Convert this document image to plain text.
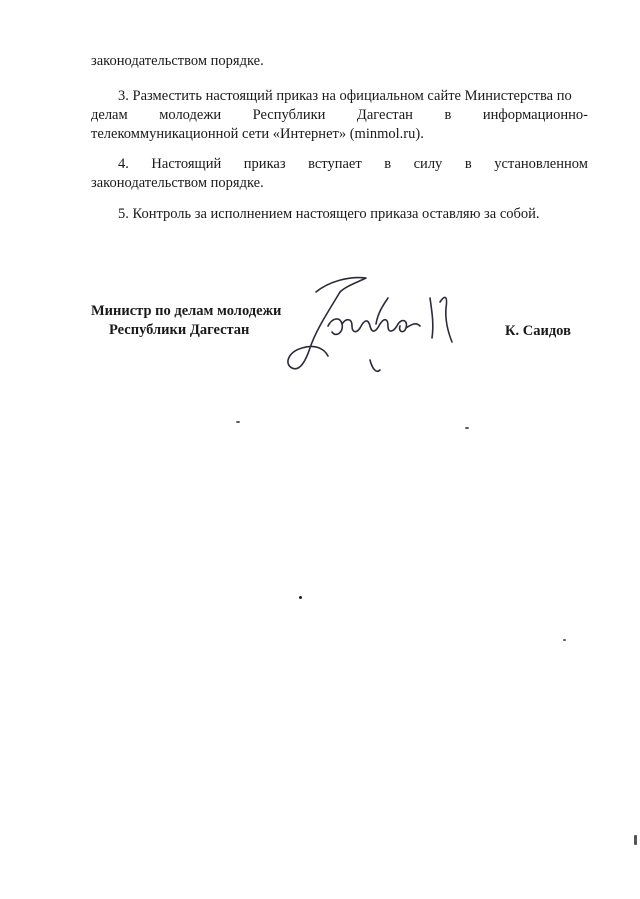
законодательством порядке.
3. Разместить настоящий приказ на официальном сайте Министерства по
делам молодежи Республики Дагестан в информационно-
телекоммуникационной сети «Интернет» (minmol.ru).
4. Настоящий приказ вступает в силу в установленном
законодательством порядке.
5. Контроль за исполнением настоящего приказа оставляю за собой.
Министр по делам молодежи
Республики Дагестан	К. Саидов
